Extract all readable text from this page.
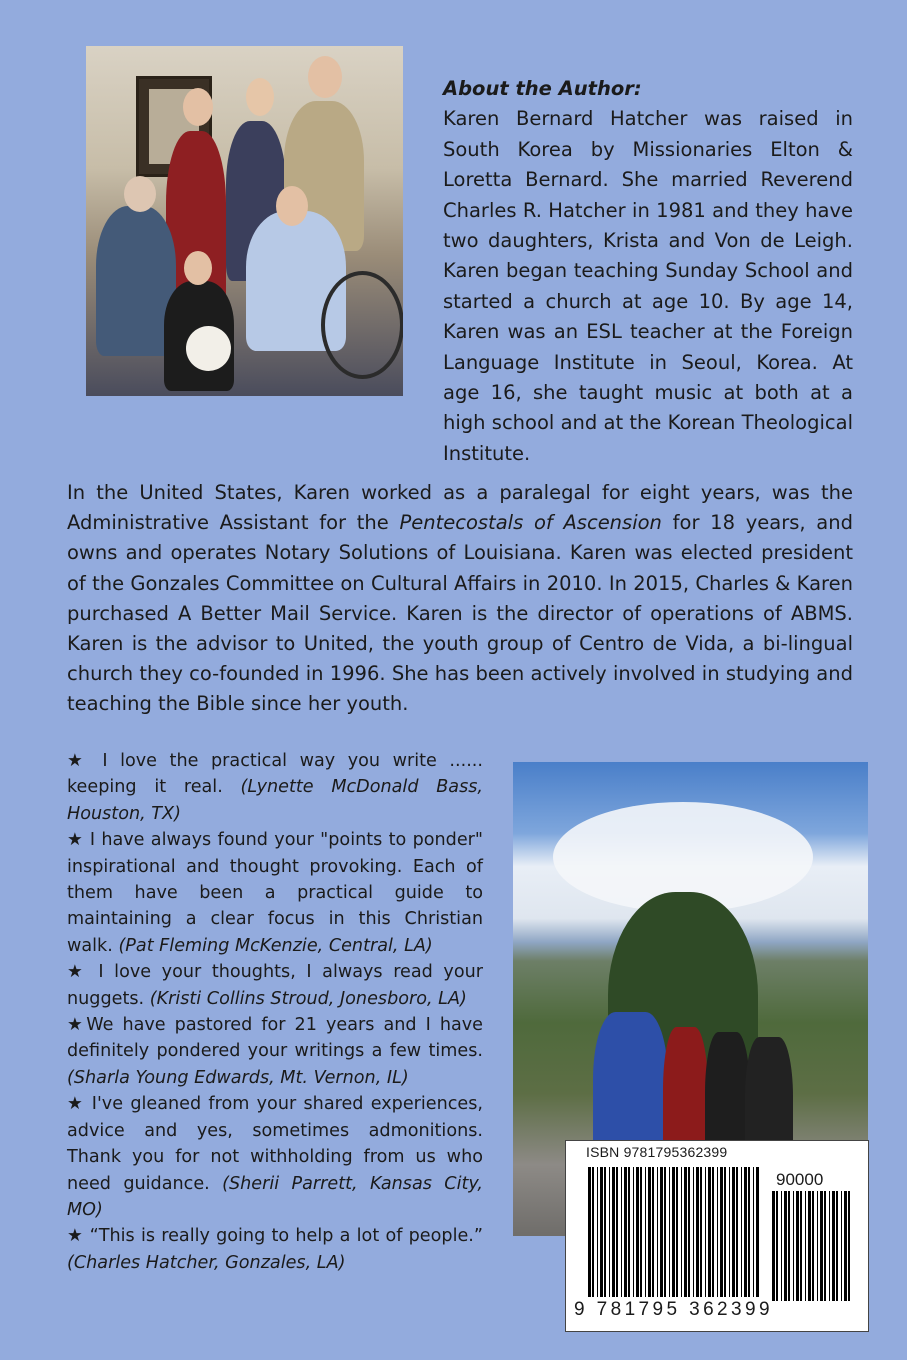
About the Author:
Karen Bernard Hatcher was raised in South Korea by Missionaries Elton & Loretta Bernard. She married Reverend Charles R. Hatcher in 1981 and they have two daughters, Krista and Von de Leigh. Karen began teaching Sunday School and started a church at age 10. By age 14, Karen was an ESL teacher at the Foreign Language Institute in Seoul, Korea. At age 16, she taught music at both at a high school and at the Korean Theological Institute.
In the United States, Karen worked as a paralegal for eight years, was the Administrative Assistant for the Pentecostals of Ascension for 18 years, and owns and operates Notary Solutions of Louisiana. Karen was elected president of the Gonzales Committee on Cultural Affairs in 2010. In 2015, Charles & Karen purchased A Better Mail Service. Karen is the director of operations of ABMS. Karen is the advisor to United, the youth group of Centro de Vida, a bi-lingual church they co-founded in 1996. She has been actively involved in studying and teaching the Bible since her youth.

★ I love the practical way you write ...... keeping it real. (Lynette McDonald Bass, Houston, TX)

★ I have always found your "points to ponder" inspirational and thought provoking. Each of them have been a practical guide to maintaining a clear focus in this Christian walk. (Pat Fleming McKenzie, Central, LA)

★ I love your thoughts, I always read your nuggets. (Kristi Collins Stroud, Jonesboro, LA)

★We have pastored for 21 years and I have definitely pondered your writings a few times. (Sharla Young Edwards, Mt. Vernon, IL)

★ I've gleaned from your shared experiences, advice and yes, sometimes admonitions. Thank you for not withholding from us who need guidance. (Sherii Parrett, Kansas City, MO)

★ “This is really going to help a lot of people.” (Charles Hatcher, Gonzales, LA)

ISBN 9781795362399
90000
9 781795 362399
